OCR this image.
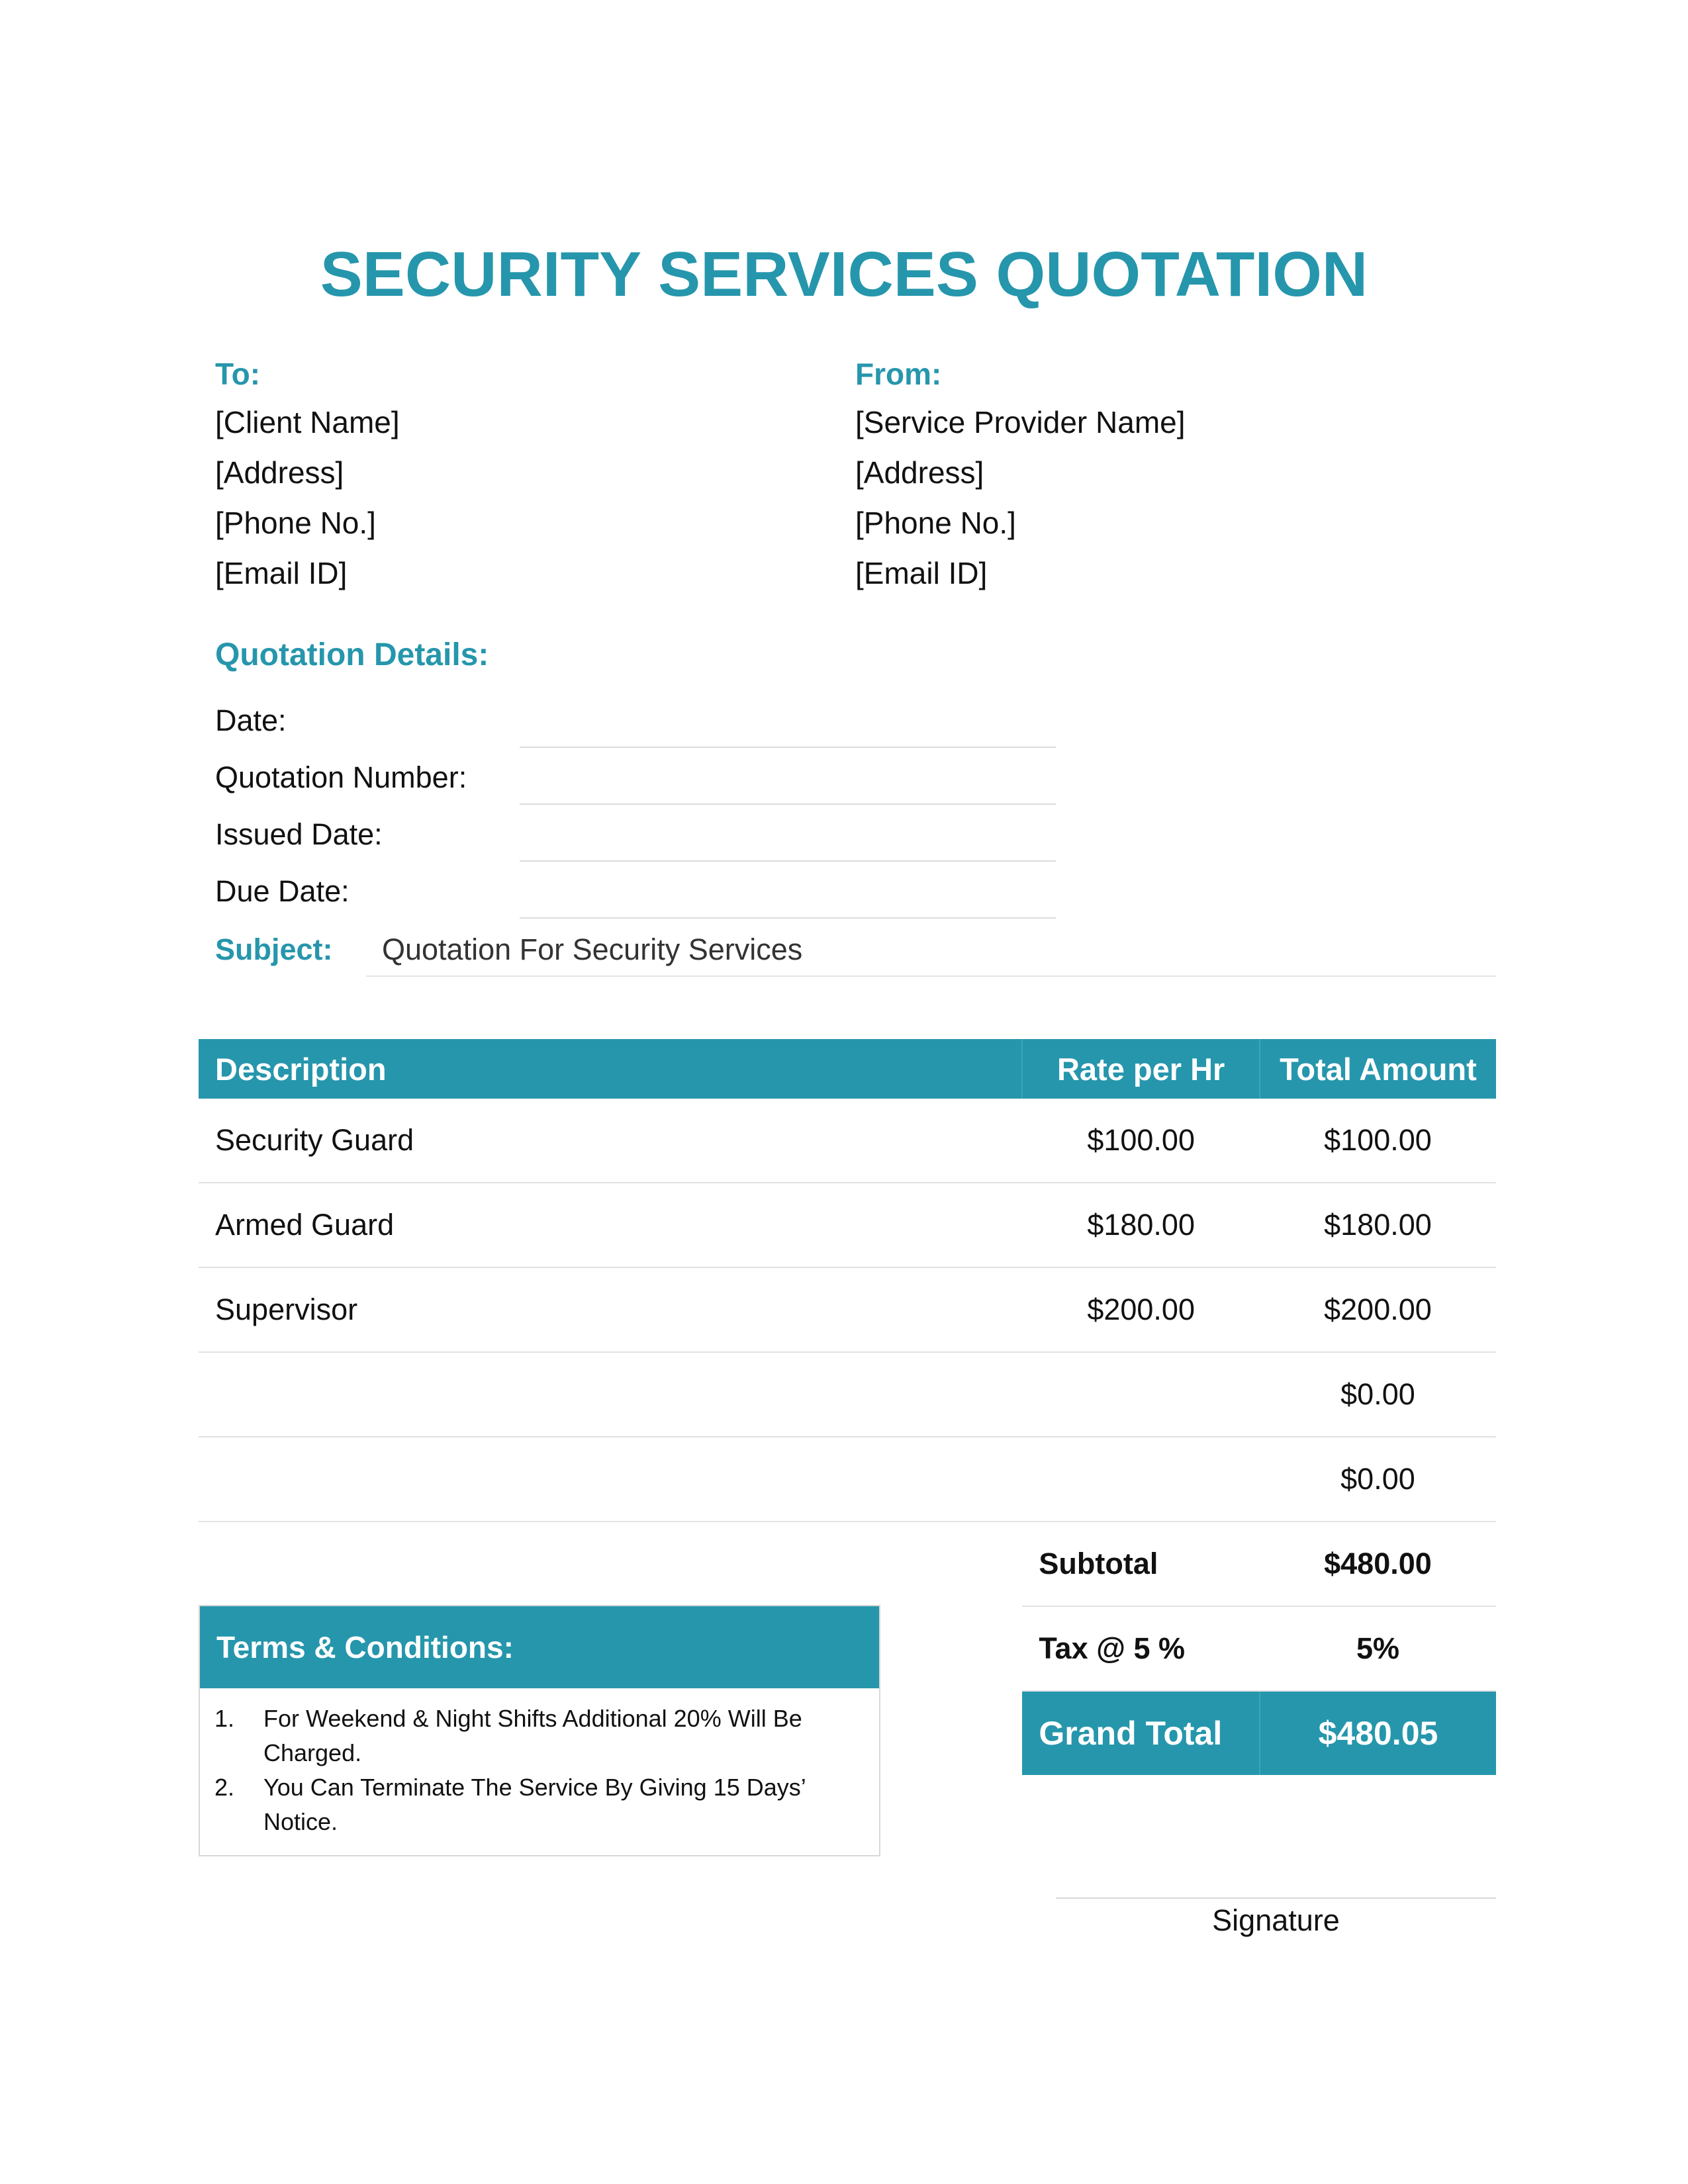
SECURITY SERVICES QUOTATION
To:
[Client Name]
[Address]
[Phone No.]
[Email ID]
From:
[Service Provider Name]
[Address]
[Phone No.]
[Email ID]
Quotation Details:
Date:
Quotation Number:
Issued Date:
Due Date:
Subject: Quotation For Security Services
Description	Rate per Hr	Total Amount
Security Guard	$100.00	$100.00
Armed Guard	$180.00	$180.00
Supervisor	$200.00	$200.00
		$0.00
		$0.00
	Subtotal	$480.00
	Tax @ 5 %	5%
	Grand Total	$480.05
Terms & Conditions:
1. For Weekend & Night Shifts Additional 20% Will Be Charged.
2. You Can Terminate The Service By Giving 15 Days’ Notice.
Signature
